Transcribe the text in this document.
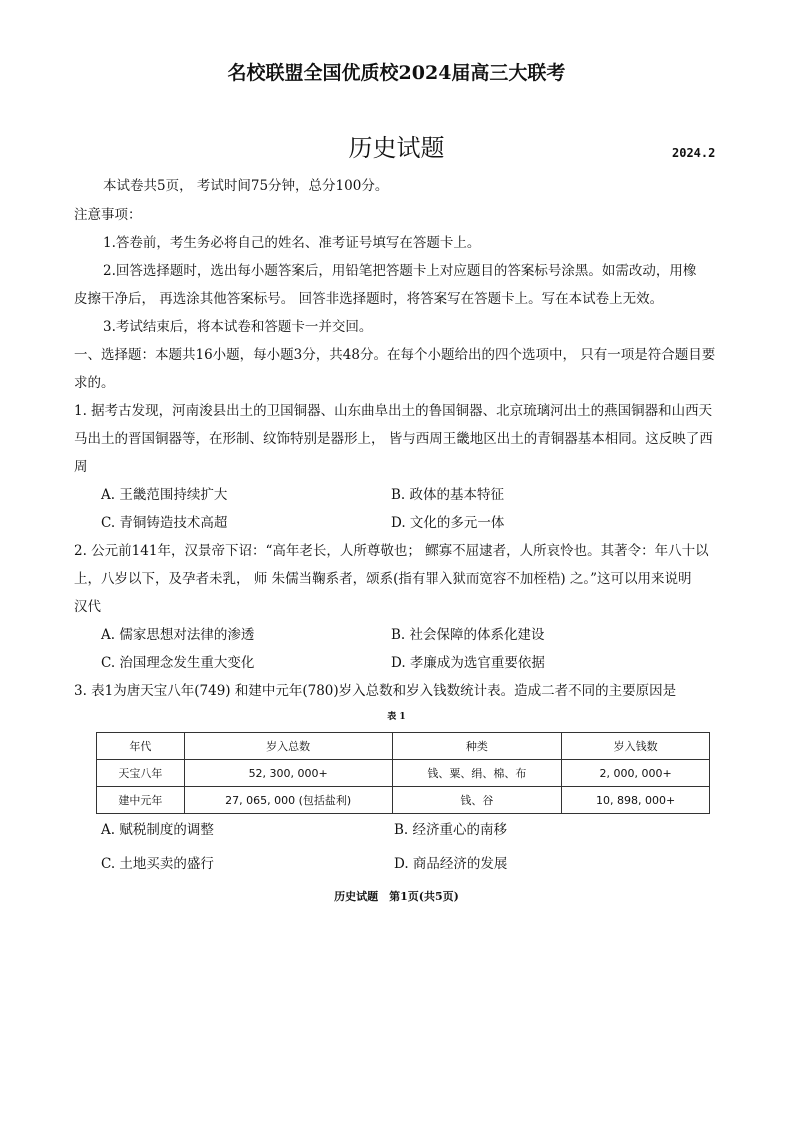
名校联盟全国优质校2024届高三大联考
历史试题	2024.2
本试卷共5页， 考试时间75分钟，总分100分。
注意事项：
1.答卷前，考生务必将自己的姓名、准考证号填写在答题卡上。
2.回答选择题时，选出每小题答案后，用铅笔把答题卡上对应题目的答案标号涂黑。如需改动，用橡
皮擦干净后， 再选涂其他答案标号。 回答非选择题时，将答案写在答题卡上。写在本试卷上无效。
3.考试结束后，将本试卷和答题卡一并交回。
一、选择题：本题共16小题，每小题3分，共48分。在每个小题给出的四个选项中， 只有一项是符合题目要
求的。
1. 据考古发现，河南浚县出土的卫国铜器、山东曲阜出土的鲁国铜器、北京琉璃河出土的燕国铜器和山西天
马出土的晋国铜器等，在形制、纹饰特别是器形上， 皆与西周王畿地区出土的青铜器基本相同。这反映了西
周
A. 王畿范围持续扩大	B. 政体的基本特征
C. 青铜铸造技术高超	D. 文化的多元一体
2. 公元前141年，汉景帝下诏：“高年老长，人所尊敬也； 鳏寡不屈逮者，人所哀怜也。其著令：年八十以
上，八岁以下，及孕者未乳， 师 朱儒当鞠系者，颂系(指有罪入狱而宽容不加桎梏) 之。”这可以用来说明
汉代
A. 儒家思想对法律的渗透	B. 社会保障的体系化建设
C. 治国理念发生重大变化	D. 孝廉成为选官重要依据
3. 表1为唐天宝八年(749) 和建中元年(780)岁入总数和岁入钱数统计表。造成二者不同的主要原因是
表 1
年代	岁入总数	种类	岁入钱数
天宝八年	52, 300, 000+	钱、粟、绢、棉、布	2, 000, 000+
建中元年	27, 065, 000 (包括盐利)	钱、谷	10, 898, 000+
A. 赋税制度的调整	B. 经济重心的南移
C. 土地买卖的盛行	D. 商品经济的发展
历史试题　第1页(共5页)
